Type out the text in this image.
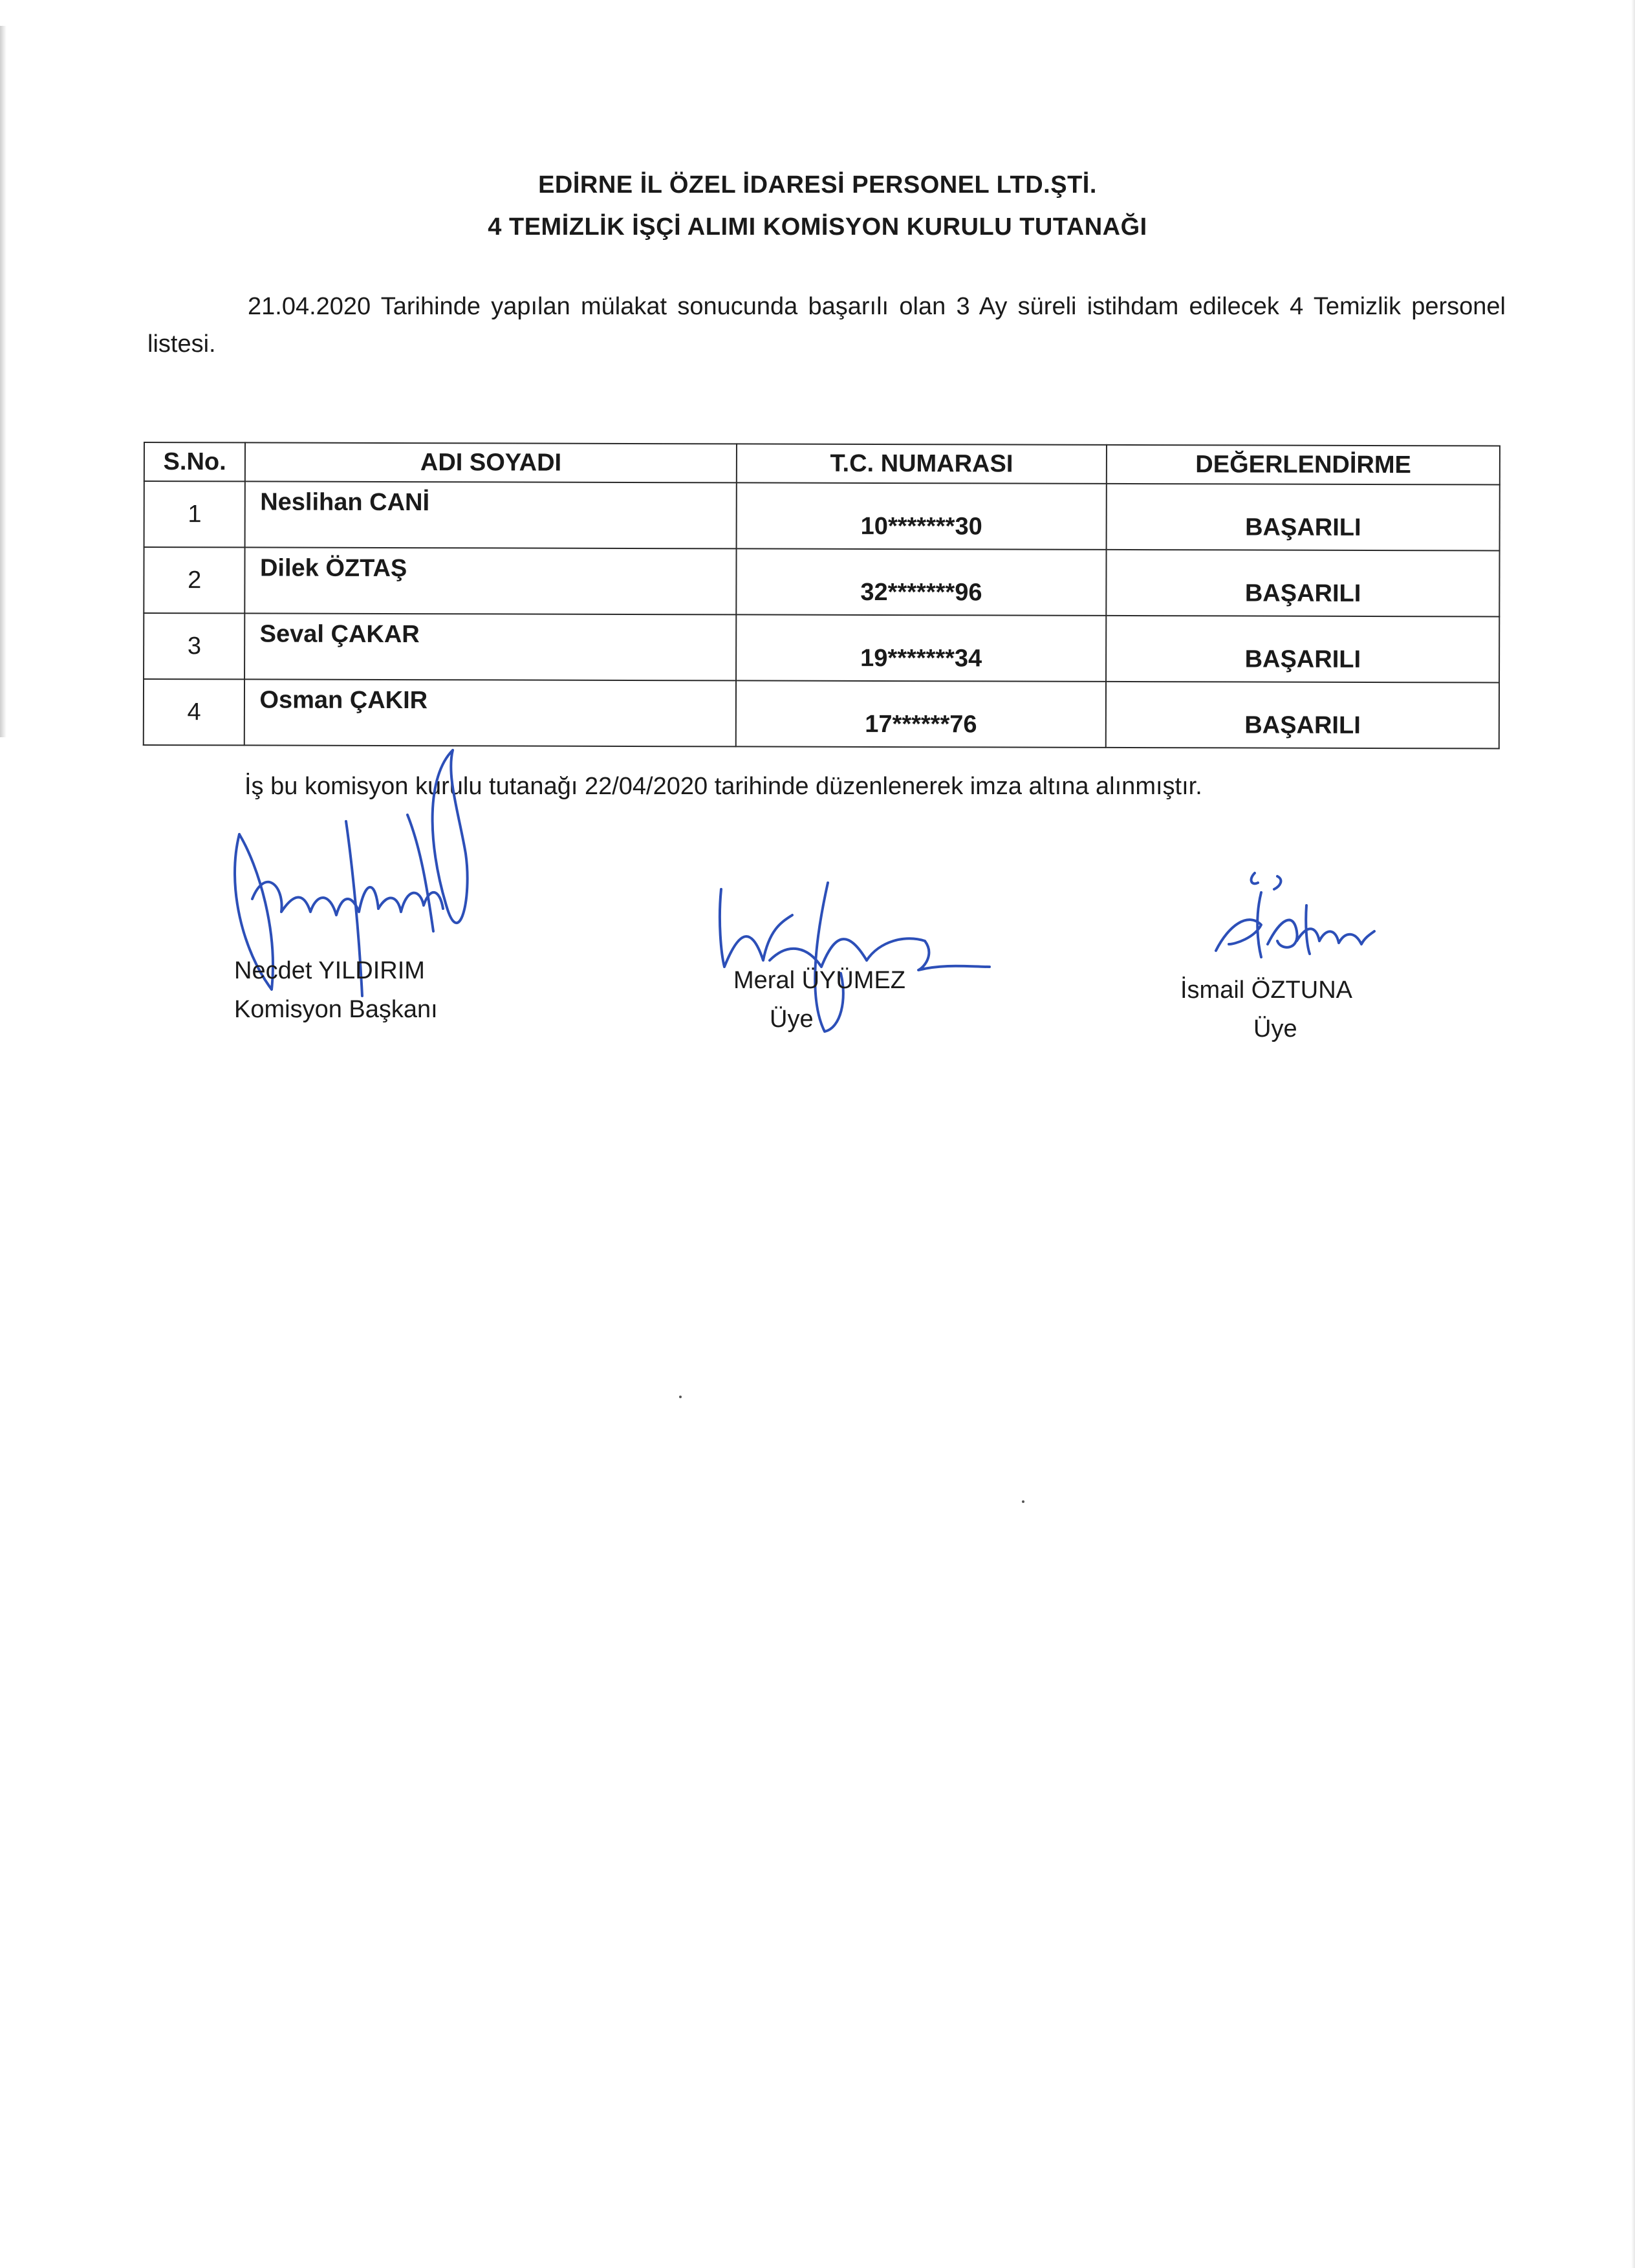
EDİRNE İL ÖZEL İDARESİ PERSONEL LTD.ŞTİ.
4 TEMİZLİK İŞÇİ ALIMI KOMİSYON KURULU TUTANAĞI
21.04.2020 Tarihinde yapılan mülakat sonucunda başarılı olan 3 Ay süreli istihdam edilecek 4 Temizlik personel listesi.
S.No.	ADI SOYADI	T.C. NUMARASI	DEĞERLENDİRME
1	Neslihan CANİ	10*******30	BAŞARILI
2	Dilek ÖZTAŞ	32*******96	BAŞARILI
3	Seval ÇAKAR	19*******34	BAŞARILI
4	Osman ÇAKIR	17******76	BAŞARILI
İş bu komisyon kurulu tutanağı 22/04/2020 tarihinde düzenlenerek imza altına alınmıştır.
Necdet YILDIRIM
Komisyon Başkanı
Meral ÜYÜMEZ
Üye
İsmail ÖZTUNA
Üye
